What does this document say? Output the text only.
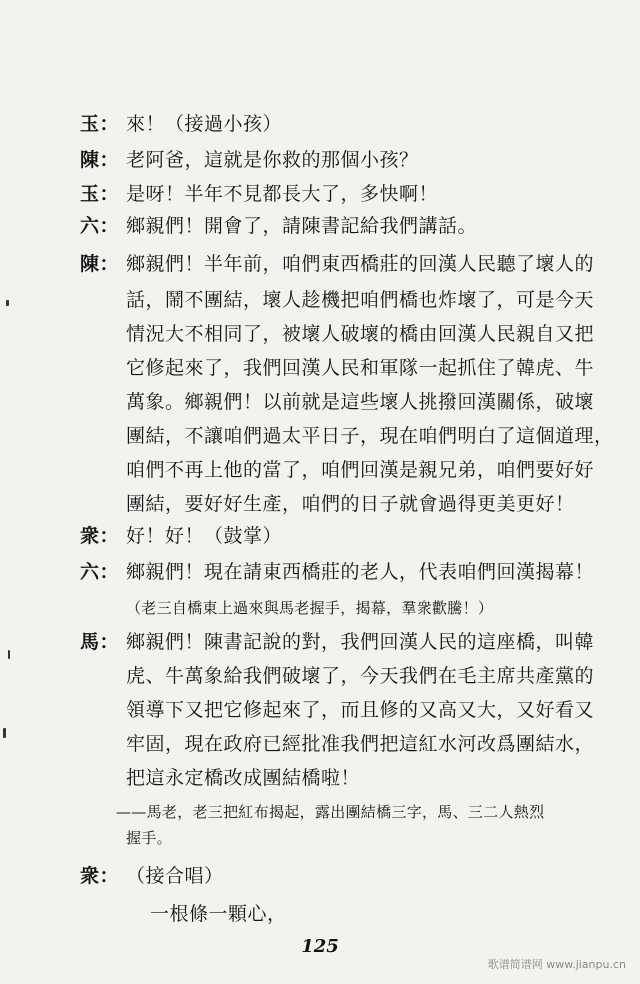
玉： 來！（接過小孩）
陳： 老阿爸，這就是你救的那個小孩？
玉： 是呀！半年不見都長大了，多快啊！
六： 鄉親們！開會了，請陳書記給我們講話。
陳： 鄉親們！半年前，咱們東西橋莊的回漢人民聽了壞人的
話，鬧不團結，壞人趁機把咱們橋也炸壞了，可是今天
情況大不相同了，被壞人破壞的橋由回漢人民親自又把
它修起來了，我們回漢人民和軍隊一起抓住了韓虎、牛
萬象。鄉親們！以前就是這些壞人挑撥回漢關係，破壞
團結，不讓咱們過太平日子，現在咱們明白了這個道理，
咱們不再上他的當了，咱們回漢是親兄弟，咱們要好好
團結，要好好生產，咱們的日子就會過得更美更好！
衆： 好！好！（鼓掌）
六： 鄉親們！現在請東西橋莊的老人，代表咱們回漢揭幕！
（老三自橋東上過來與馬老握手，揭幕，羣衆歡騰！）
馬： 鄉親們！陳書記說的對，我們回漢人民的這座橋，叫韓
虎、牛萬象給我們破壞了，今天我們在毛主席共產黨的
領導下又把它修起來了，而且修的又高又大，又好看又
牢固，現在政府已經批准我們把這紅水河改爲團結水，
把這永定橋改成團結橋啦！
——馬老，老三把紅布揭起，露出團結橋三字，馬、三二人熱烈
握手。
衆： （接合唱）
一根條一顆心，
125
歌谱简谱网 www.jianpu.cn
